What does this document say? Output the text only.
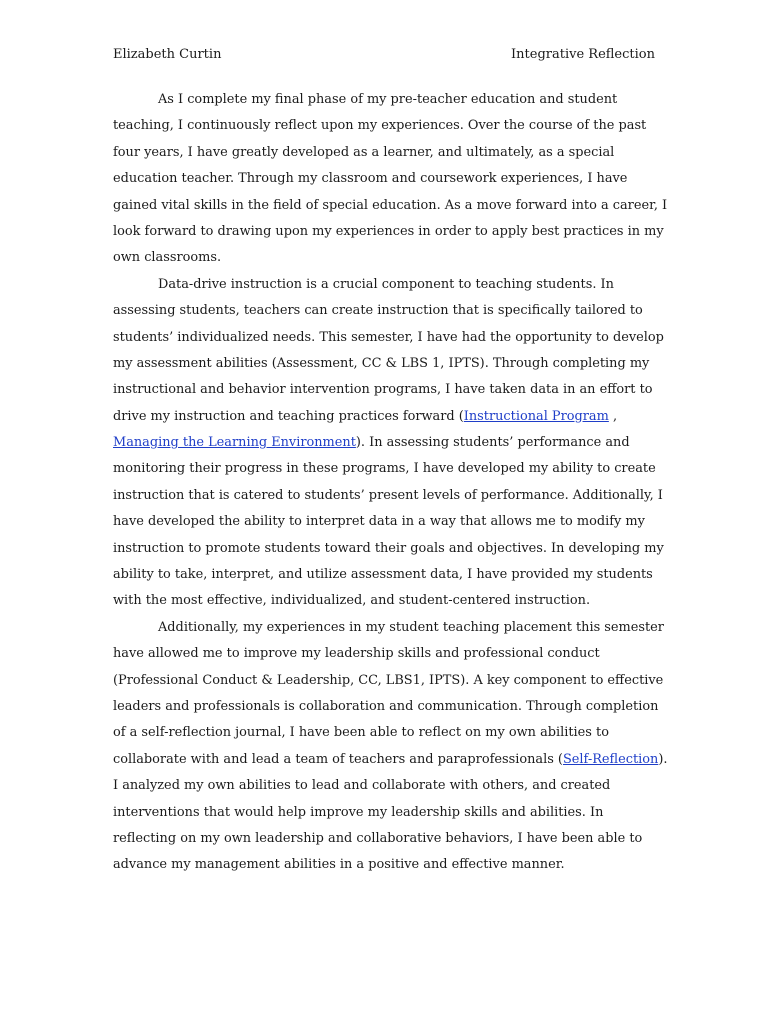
Elizabeth Curtin	Integrative Reflection
As I complete my final phase of my pre-teacher education and student
teaching, I continuously reflect upon my experiences. Over the course of the past
four years, I have greatly developed as a learner, and ultimately, as a special
education teacher. Through my classroom and coursework experiences, I have
gained vital skills in the field of special education. As a move forward into a career, I
look forward to drawing upon my experiences in order to apply best practices in my
own classrooms.
Data-drive instruction is a crucial component to teaching students. In
assessing students, teachers can create instruction that is specifically tailored to
students’ individualized needs. This semester, I have had the opportunity to develop
my assessment abilities (Assessment, CC & LBS 1, IPTS). Through completing my
instructional and behavior intervention programs, I have taken data in an effort to
drive my instruction and teaching practices forward (Instructional Program ,
Managing the Learning Environment). In assessing students’ performance and
monitoring their progress in these programs, I have developed my ability to create
instruction that is catered to students’ present levels of performance. Additionally, I
have developed the ability to interpret data in a way that allows me to modify my
instruction to promote students toward their goals and objectives. In developing my
ability to take, interpret, and utilize assessment data, I have provided my students
with the most effective, individualized, and student-centered instruction.
Additionally, my experiences in my student teaching placement this semester
have allowed me to improve my leadership skills and professional conduct
(Professional Conduct & Leadership, CC, LBS1, IPTS). A key component to effective
leaders and professionals is collaboration and communication. Through completion
of a self-reflection journal, I have been able to reflect on my own abilities to
collaborate with and lead a team of teachers and paraprofessionals (Self-Reflection).
I analyzed my own abilities to lead and collaborate with others, and created
interventions that would help improve my leadership skills and abilities. In
reflecting on my own leadership and collaborative behaviors, I have been able to
advance my management abilities in a positive and effective manner.
